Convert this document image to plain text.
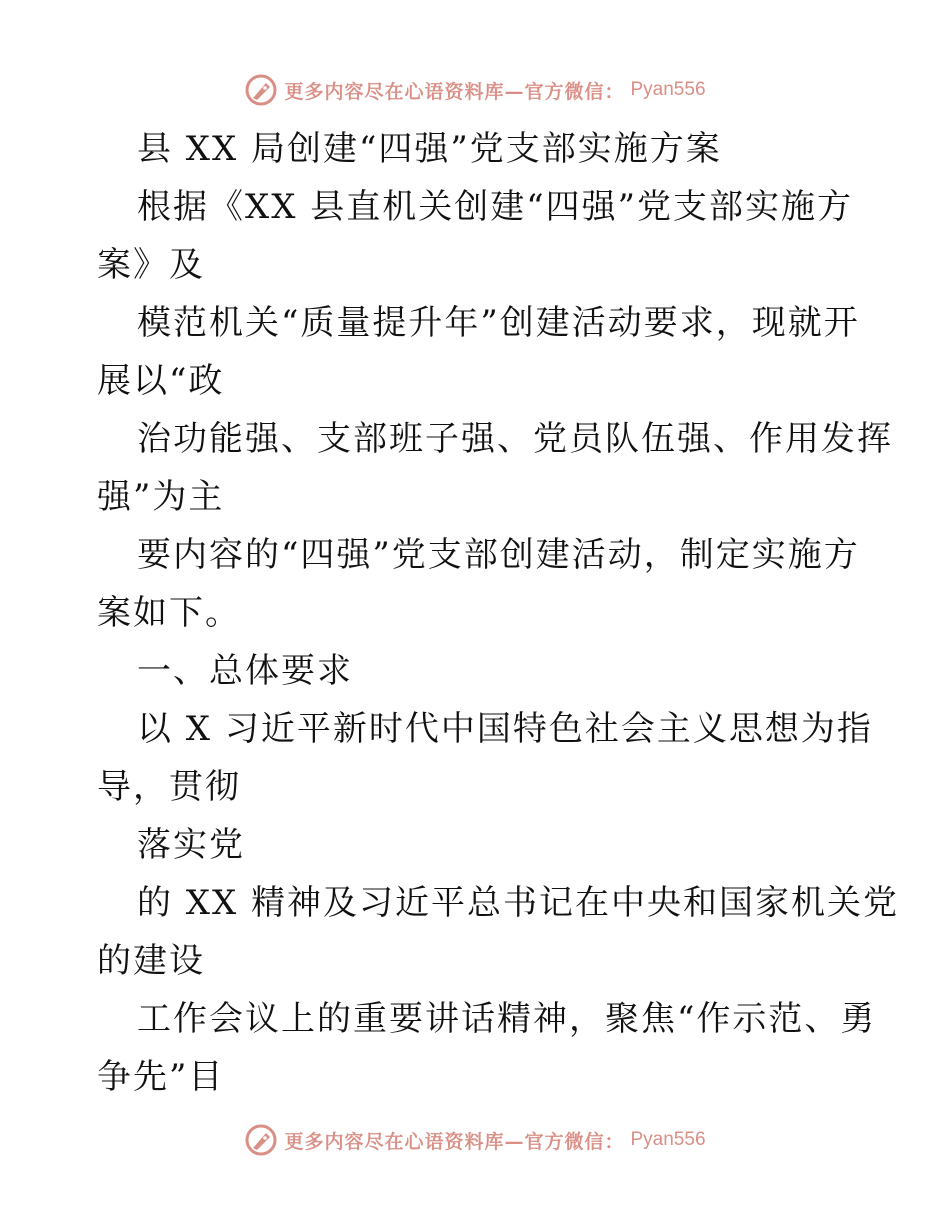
更多内容尽在心语资料库—官方微信： Pyan556
县 XX 局创建“四强”党支部实施方案
根据《XX 县直机关创建“四强”党支部实施方
案》及
模范机关“质量提升年”创建活动要求，现就开
展以“政
治功能强、支部班子强、党员队伍强、作用发挥
强”为主
要内容的“四强”党支部创建活动，制定实施方
案如下。
一、总体要求
以 X 习近平新时代中国特色社会主义思想为指
导，贯彻
落实党
的 XX 精神及习近平总书记在中央和国家机关党
的建设
工作会议上的重要讲话精神，聚焦“作示范、勇
争先”目
更多内容尽在心语资料库—官方微信： Pyan556
